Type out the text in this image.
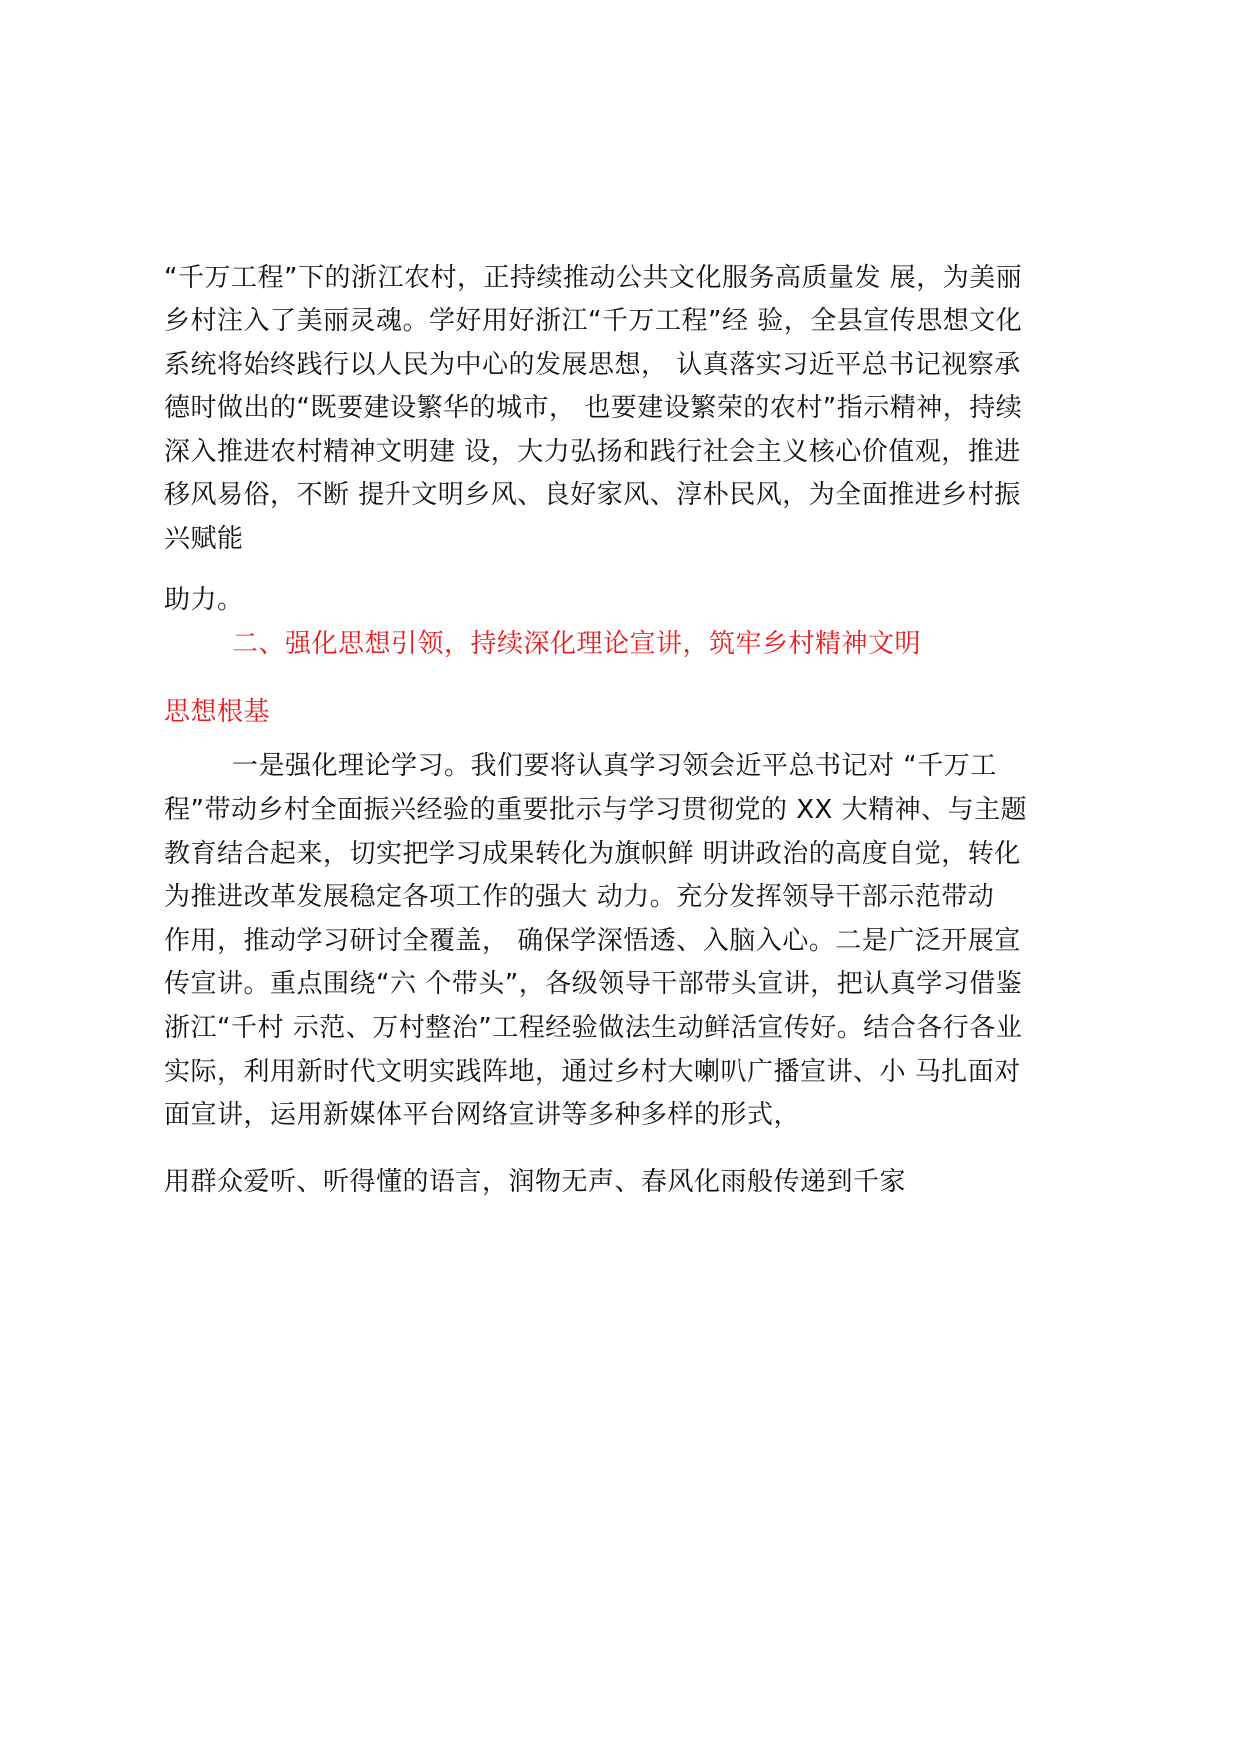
“千万工程”下的浙江农村，正持续推动公共文化服务高质量发 展，为美丽
乡村注入了美丽灵魂。学好用好浙江“千万工程”经 验，全县宣传思想文化
系统将始终践行以人民为中心的发展思想， 认真落实习近平总书记视察承
德时做出的“既要建设繁华的城市， 也要建设繁荣的农村”指示精神，持续
深入推进农村精神文明建 设，大力弘扬和践行社会主义核心价值观，推进
移风易俗，不断 提升文明乡风、良好家风、淳朴民风，为全面推进乡村振
兴赋能
助力。
二、强化思想引领，持续深化理论宣讲，筑牢乡村精神文明
思想根基
一是强化理论学习。我们要将认真学习领会近平总书记对 “千万工
程”带动乡村全面振兴经验的重要批示与学习贯彻党的 XX 大精神、与主题
教育结合起来，切实把学习成果转化为旗帜鲜 明讲政治的高度自觉，转化
为推进改革发展稳定各项工作的强大 动力。充分发挥领导干部示范带动
作用，推动学习研讨全覆盖， 确保学深悟透、入脑入心。二是广泛开展宣
传宣讲。重点围绕“六 个带头”，各级领导干部带头宣讲，把认真学习借鉴
浙江“千村 示范、万村整治”工程经验做法生动鲜活宣传好。结合各行各业
实际，利用新时代文明实践阵地，通过乡村大喇叭广播宣讲、小 马扎面对
面宣讲，运用新媒体平台网络宣讲等多种多样的形式，
用群众爱听、听得懂的语言，润物无声、春风化雨般传递到千家
